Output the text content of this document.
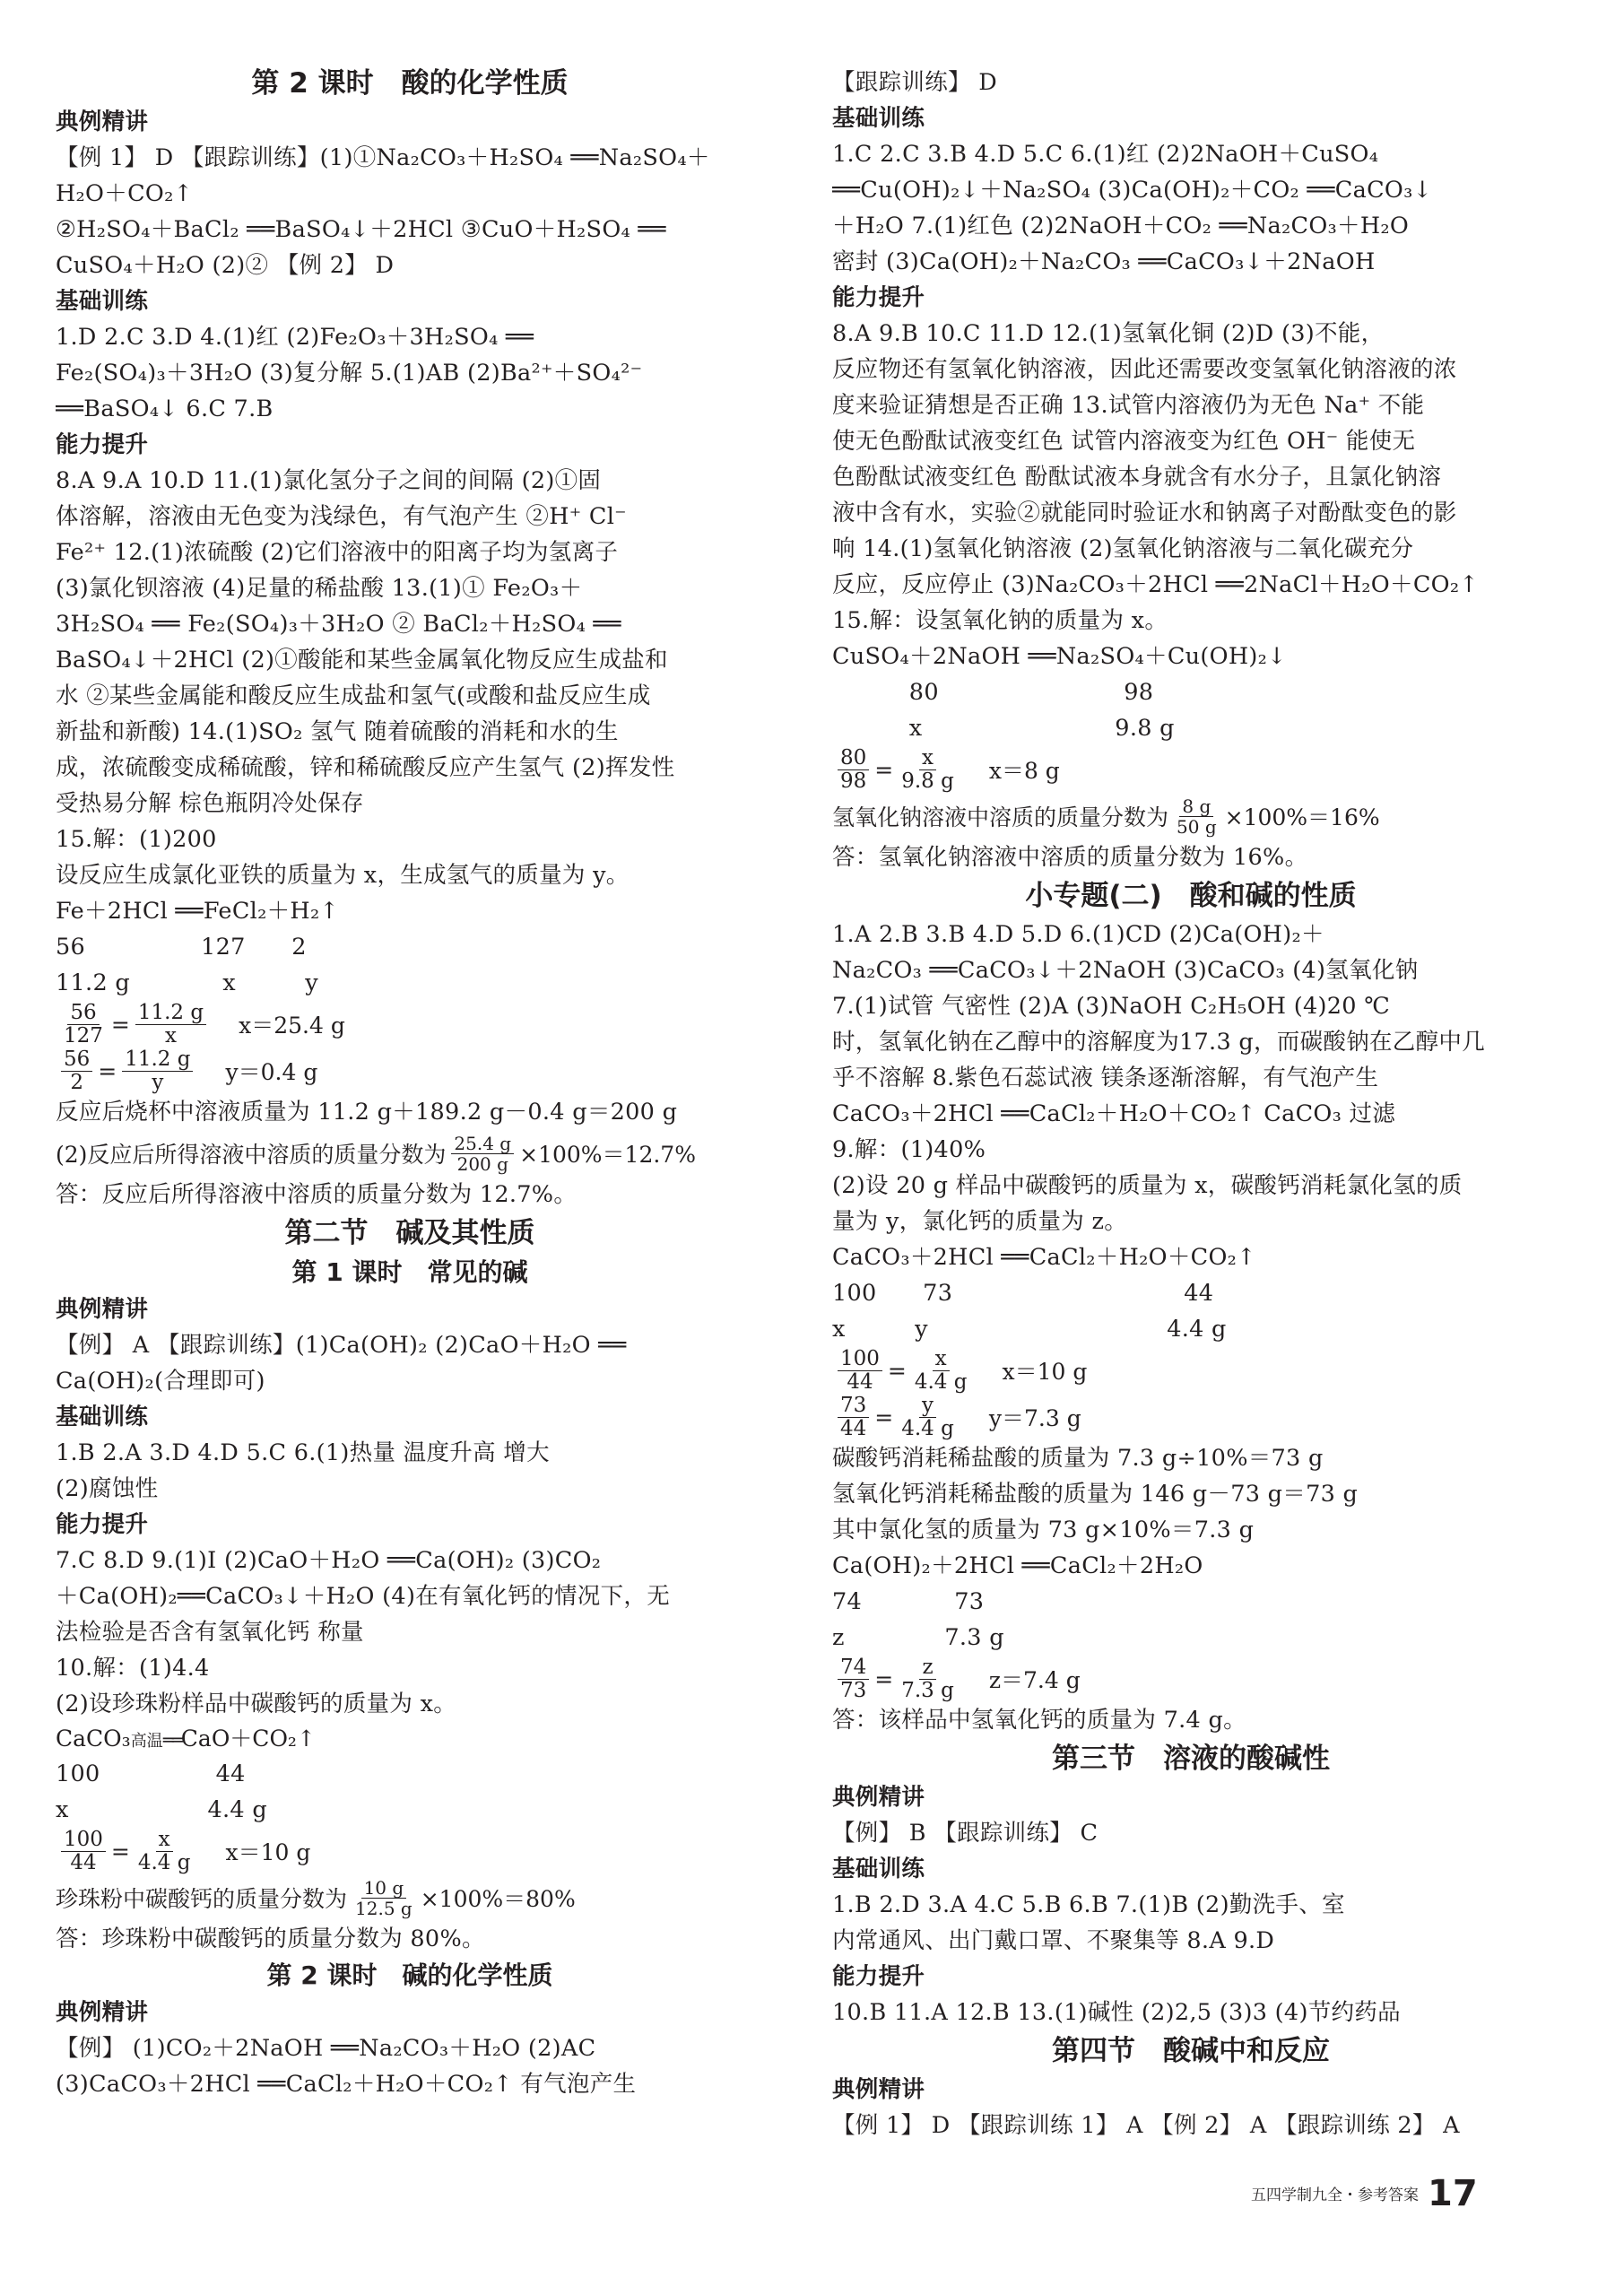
第 2 课时　酸的化学性质
典例精讲
【例 1】 D 【跟踪训练】(1)①Na₂CO₃＋H₂SO₄ ══Na₂SO₄＋
H₂O＋CO₂↑
②H₂SO₄＋BaCl₂ ══BaSO₄↓＋2HCl ③CuO＋H₂SO₄ ══
CuSO₄＋H₂O (2)② 【例 2】 D
基础训练
1.D 2.C 3.D 4.(1)红 (2)Fe₂O₃＋3H₂SO₄ ══
Fe₂(SO₄)₃＋3H₂O (3)复分解 5.(1)AB (2)Ba²⁺＋SO₄²⁻
══BaSO₄↓ 6.C 7.B
能力提升
8.A 9.A 10.D 11.(1)氯化氢分子之间的间隔 (2)①固
体溶解，溶液由无色变为浅绿色，有气泡产生 ②H⁺ Cl⁻
Fe²⁺ 12.(1)浓硫酸 (2)它们溶液中的阳离子均为氢离子
(3)氯化钡溶液 (4)足量的稀盐酸 13.(1)① Fe₂O₃＋
3H₂SO₄ ══ Fe₂(SO₄)₃＋3H₂O ② BaCl₂＋H₂SO₄ ══
BaSO₄↓＋2HCl (2)①酸能和某些金属氧化物反应生成盐和
水 ②某些金属能和酸反应生成盐和氢气(或酸和盐反应生成
新盐和新酸) 14.(1)SO₂ 氢气 随着硫酸的消耗和水的生
成，浓硫酸变成稀硫酸，锌和稀硫酸反应产生氢气 (2)挥发性
受热易分解 棕色瓶阴冷处保存
15.解：(1)200
设反应生成氯化亚铁的质量为 x，生成氢气的质量为 y。
Fe＋2HCl ══FeCl₂＋H₂↑
56　　　　　127　　2
11.2 g　　　　x　　　y
$\frac{56}{127} = \frac{11.2 g}{x} x=25.4$ g
$\frac{56}{2} = \frac{11.2 g}{y} y=0.4$ g
反应后烧杯中溶液质量为 11.2 g＋189.2 g－0.4 g＝200 g
(2)反应后所得溶液中溶质的质量分数为 $\frac{25.4 g}{200 g} \times 100\%=12.7\%$
答：反应后所得溶液中溶质的质量分数为 12.7%。
第二节　碱及其性质
第 1 课时　常见的碱
典例精讲
【例】 A 【跟踪训练】(1)Ca(OH)₂ (2)CaO＋H₂O ══
Ca(OH)₂(合理即可)
基础训练
1.B 2.A 3.D 4.D 5.C 6.(1)热量 温度升高 增大
(2)腐蚀性
能力提升
7.C 8.D 9.(1)Ⅰ (2)CaO＋H₂O ══Ca(OH)₂ (3)CO₂
＋Ca(OH)₂══CaCO₃↓＋H₂O (4)在有氧化钙的情况下，无
法检验是否含有氢氧化钙 称量
10.解：(1)4.4
(2)设珍珠粉样品中碳酸钙的质量为 x。
CaCO₃ 高温══ CaO＋CO₂↑
100　　　　　44
x　　　　　　4.4 g
$\frac{100}{44} = \frac{x}{4.4 g} x=10$ g
珍珠粉中碳酸钙的质量分数为 $\frac{10 g}{12.5 g} \times 100\%=80\%$
答：珍珠粉中碳酸钙的质量分数为 80%。
第 2 课时　碱的化学性质
典例精讲
【例】 (1)CO₂＋2NaOH ══Na₂CO₃＋H₂O (2)AC
(3)CaCO₃＋2HCl ══CaCl₂＋H₂O＋CO₂↑ 有气泡产生
【跟踪训练】 D
基础训练
1.C 2.C 3.B 4.D 5.C 6.(1)红 (2)2NaOH＋CuSO₄
══Cu(OH)₂↓＋Na₂SO₄ (3)Ca(OH)₂＋CO₂ ══CaCO₃↓
＋H₂O 7.(1)红色 (2)2NaOH＋CO₂ ══Na₂CO₃＋H₂O
密封 (3)Ca(OH)₂＋Na₂CO₃ ══CaCO₃↓＋2NaOH
能力提升
8.A 9.B 10.C 11.D 12.(1)氢氧化铜 (2)D (3)不能，
反应物还有氢氧化钠溶液，因此还需要改变氢氧化钠溶液的浓
度来验证猜想是否正确 13.试管内溶液仍为无色 Na⁺ 不能
使无色酚酞试液变红色 试管内溶液变为红色 OH⁻ 能使无
色酚酞试液变红色 酚酞试液本身就含有水分子，且氯化钠溶
液中含有水，实验②就能同时验证水和钠离子对酚酞变色的影
响 14.(1)氢氧化钠溶液 (2)氢氧化钠溶液与二氧化碳充分
反应，反应停止 (3)Na₂CO₃＋2HCl ══2NaCl＋H₂O＋CO₂↑
15.解：设氢氧化钠的质量为 x。
CuSO₄＋2NaOH ══Na₂SO₄＋Cu(OH)₂↓
　　　 80　　　　　　　　98
　　　 x　　　　　　　　 9.8 g
$\frac{80}{98} = \frac{x}{9.8 g} x=8$ g
氢氧化钠溶液中溶质的质量分数为 $\frac{8 g}{50 g} \times 100\%=16\%$
答：氢氧化钠溶液中溶质的质量分数为 16%。
小专题(二)　酸和碱的性质
1.A 2.B 3.B 4.D 5.D 6.(1)CD (2)Ca(OH)₂＋
Na₂CO₃ ══CaCO₃↓＋2NaOH (3)CaCO₃ (4)氢氧化钠
7.(1)试管 气密性 (2)A (3)NaOH C₂H₅OH (4)20 ℃
时，氢氧化钠在乙醇中的溶解度为17.3 g，而碳酸钠在乙醇中几
乎不溶解 8.紫色石蕊试液 镁条逐渐溶解，有气泡产生
CaCO₃＋2HCl ══CaCl₂＋H₂O＋CO₂↑ CaCO₃ 过滤
9.解：(1)40%
(2)设 20 g 样品中碳酸钙的质量为 x，碳酸钙消耗氯化氢的质
量为 y，氯化钙的质量为 z。
CaCO₃＋2HCl ══CaCl₂＋H₂O＋CO₂↑
100　　73　　　　　　　　　　44
x　　　y　　　　　　　　　　 4.4 g
$\frac{100}{44} = \frac{x}{4.4 g} x=10$ g
$\frac{73}{44} = \frac{y}{4.4 g} y=7.3$ g
碳酸钙消耗稀盐酸的质量为 7.3 g÷10%＝73 g
氢氧化钙消耗稀盐酸的质量为 146 g－73 g＝73 g
其中氯化氢的质量为 73 g×10%＝7.3 g
Ca(OH)₂＋2HCl ══CaCl₂＋2H₂O
74　　　　73
z　　　　 7.3 g
$\frac{74}{73} = \frac{z}{7.3 g} z=7.4$ g
答：该样品中氢氧化钙的质量为 7.4 g。
第三节　溶液的酸碱性
典例精讲
【例】 B 【跟踪训练】 C
基础训练
1.B 2.D 3.A 4.C 5.B 6.B 7.(1)B (2)勤洗手、室
内常通风、出门戴口罩、不聚集等 8.A 9.D
能力提升
10.B 11.A 12.B 13.(1)碱性 (2)2,5 (3)3 (4)节约药品
第四节　酸碱中和反应
典例精讲
【例 1】 D 【跟踪训练 1】 A 【例 2】 A 【跟踪训练 2】 A
五四学制九全・参考答案 17
